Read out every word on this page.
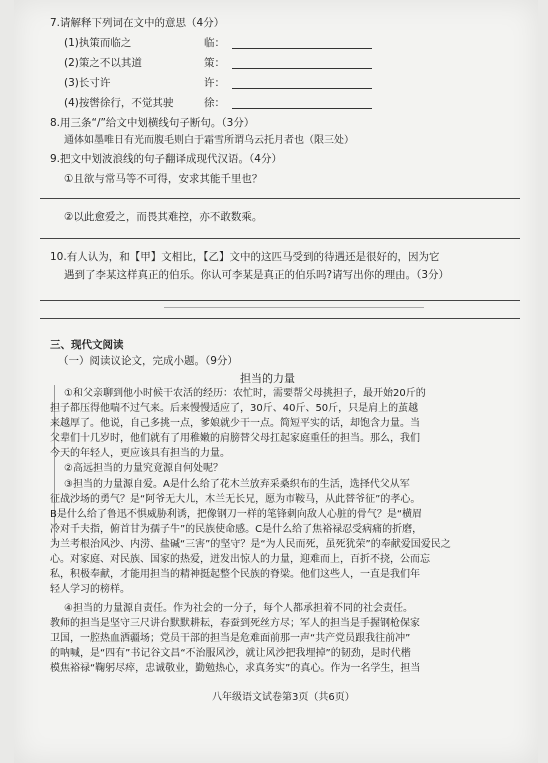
7.请解释下列词在文中的意思（4分）
(1)执策而临之	临：
(2)策之不以其道	策：
(3)长寸许	许：
(4)按辔徐行，不觉其驶	徐：
8.用三条“/”给文中划横线句子断句。（3分）
通体如墨唯日有光而腹毛则白于霜雪所谓乌云托月者也（限三处）
9.把文中划波浪线的句子翻译成现代汉语。（4分）
①且欲与常马等不可得，安求其能千里也？
②以此愈爱之，而畏其难控，亦不敢数乘。
10.有人认为，和【甲】文相比，【乙】文中的这匹马受到的待遇还是很好的，因为它
遇到了李某这样真正的伯乐。你认可李某是真正的伯乐吗?请写出你的理由。（3分）
三、现代文阅读
（一）阅读议论文，完成小题。（9分）
担当的力量
①和父亲聊到他小时候干农活的经历：农忙时，需要帮父母挑担子，最开始20斤的
担子都压得他喘不过气来。后来慢慢适应了，30斤、40斤、50斤，只是肩上的茧越
来越厚了。他说，自己多挑一点，爹娘就少干一点。简短平实的话，却饱含力量。当
父辈们十几岁时，他们就有了用稚嫩的肩膀替父母扛起家庭重任的担当。那么，我们
今天的年轻人，更应该具有担当的力量。
②高远担当的力量究竟源自何处呢？
③担当的力量源自爱。A是什么给了花木兰放弃采桑织布的生活，选择代父从军
征战沙场的勇气？是“阿爷无大儿，木兰无长兄，愿为市鞍马，从此替爷征”的孝心。
B是什么给了鲁迅不惧威胁利诱，把像钢刀一样的笔锋刺向敌人心脏的骨气？是“横眉
冷对千夫指，俯首甘为孺子牛”的民族使命感。C是什么给了焦裕禄忍受病痛的折磨，
为兰考根治风沙、内涝、盐碱“三害”的坚守？是“为人民而死，虽死犹荣”的奉献爱国爱民之
心。对家庭、对民族、国家的热爱，迸发出惊人的力量，迎难而上，百折不挠，公而忘
私，积极奉献，才能用担当的精神挺起整个民族的脊梁。他们这些人，一直是我们年
轻人学习的榜样。
④担当的力量源自责任。作为社会的一分子，每个人都承担着不同的社会责任。
教师的担当是坚守三尺讲台默默耕耘，春蚕到死丝方尽；军人的担当是手握钢枪保家
卫国，一腔热血洒疆场；党员干部的担当是危难面前那一声“共产党员跟我往前冲”
的呐喊，是“四有”书记谷文昌“不治服风沙，就让风沙把我埋掉”的韧劲，是时代楷
模焦裕禄“鞠躬尽瘁，忠诚敬业，勤勉热心，求真务实”的真心。作为一名学生，担当
八年级语文试卷第3页（共6页）
